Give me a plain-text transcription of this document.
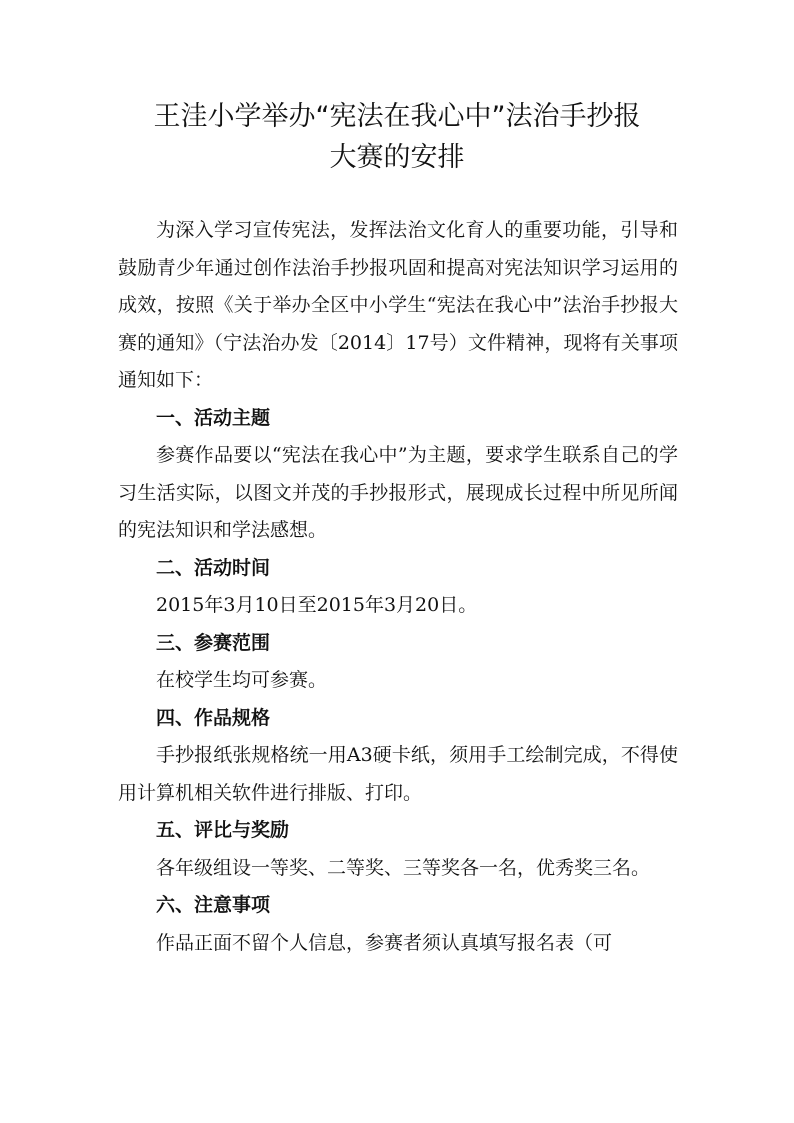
王洼小学举办“宪法在我心中”法治手抄报
大赛的安排

为深入学习宣传宪法，发挥法治文化育人的重要功能，引导和鼓励青少年通过创作法治手抄报巩固和提高对宪法知识学习运用的成效，按照《关于举办全区中小学生“宪法在我心中”法治手抄报大赛的通知》（宁法治办发〔2014〕17号）文件精神，现将有关事项通知如下：

一、活动主题

参赛作品要以“宪法在我心中”为主题，要求学生联系自己的学习生活实际，以图文并茂的手抄报形式，展现成长过程中所见所闻的宪法知识和学法感想。

二、活动时间

2015年3月10日至2015年3月20日。

三、参赛范围

在校学生均可参赛。

四、作品规格

手抄报纸张规格统一用A3硬卡纸，须用手工绘制完成，不得使用计算机相关软件进行排版、打印。

五、评比与奖励

各年级组设一等奖、二等奖、三等奖各一名，优秀奖三名。

六、注意事项

作品正面不留个人信息，参赛者须认真填写报名表（可
